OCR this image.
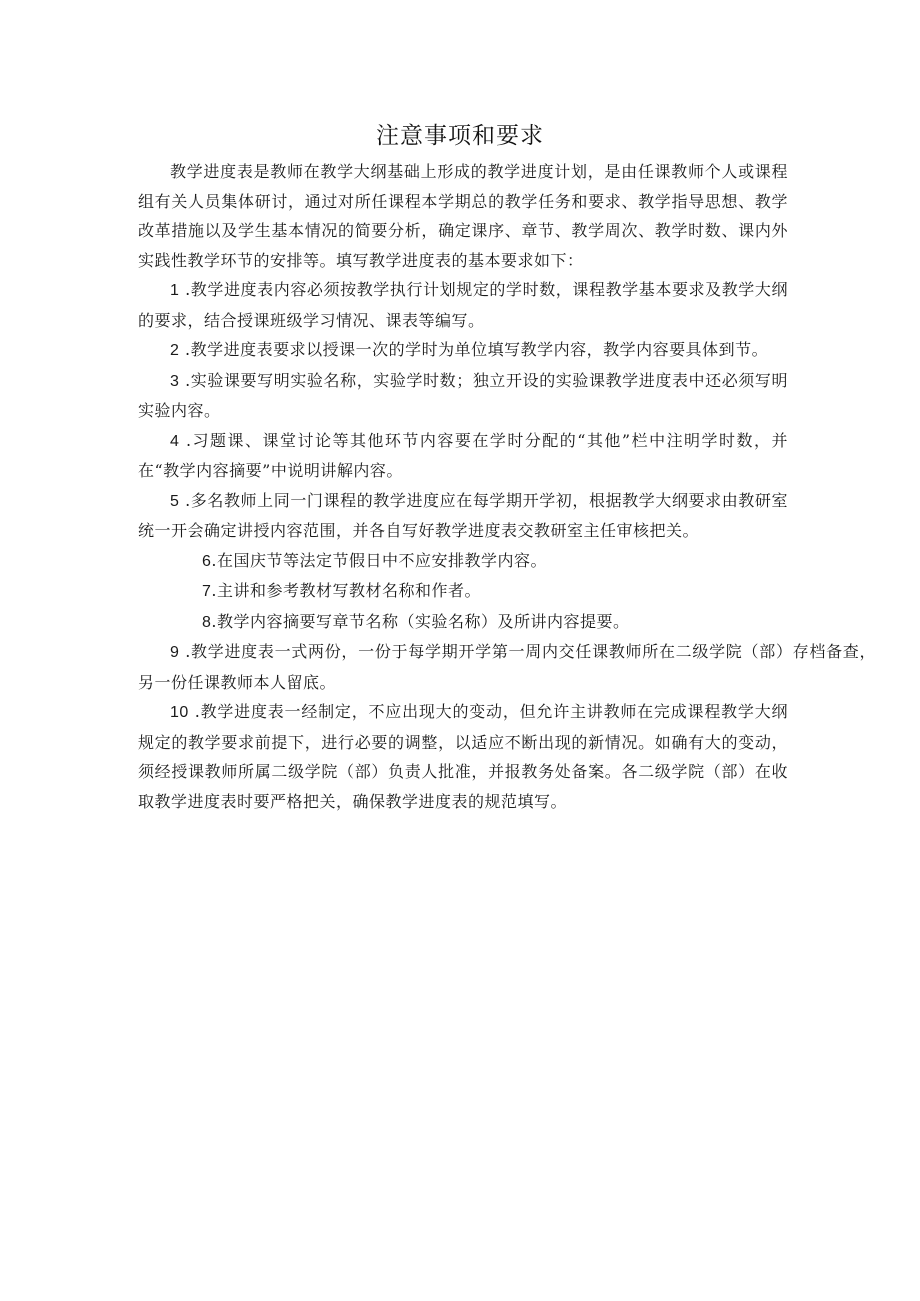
注意事项和要求

教学进度表是教师在教学大纲基础上形成的教学进度计划，是由任课教师个人或课程组有关人员集体研讨，通过对所任课程本学期总的教学任务和要求、教学指导思想、教学改革措施以及学生基本情况的简要分析，确定课序、章节、教学周次、教学时数、课内外实践性教学环节的安排等。填写教学进度表的基本要求如下：

1 .教学进度表内容必须按教学执行计划规定的学时数，课程教学基本要求及教学大纲的要求，结合授课班级学习情况、课表等编写。

2 .教学进度表要求以授课一次的学时为单位填写教学内容，教学内容要具体到节。

3 .实验课要写明实验名称，实验学时数；独立开设的实验课教学进度表中还必须写明实验内容。

4 .习题课、课堂讨论等其他环节内容要在学时分配的“其他”栏中注明学时数，并在“教学内容摘要”中说明讲解内容。

5 .多名教师上同一门课程的教学进度应在每学期开学初，根据教学大纲要求由教研室统一开会确定讲授内容范围，并各自写好教学进度表交教研室主任审核把关。

6.在国庆节等法定节假日中不应安排教学内容。

7.主讲和参考教材写教材名称和作者。

8.教学内容摘要写章节名称（实验名称）及所讲内容提要。

9 .教学进度表一式两份，一份于每学期开学第一周内交任课教师所在二级学院（部）存档备查，另一份任课教师本人留底。

10 .教学进度表一经制定，不应出现大的变动，但允许主讲教师在完成课程教学大纲规定的教学要求前提下，进行必要的调整，以适应不断出现的新情况。如确有大的变动，须经授课教师所属二级学院（部）负责人批准，并报教务处备案。各二级学院（部）在收取教学进度表时要严格把关，确保教学进度表的规范填写。
